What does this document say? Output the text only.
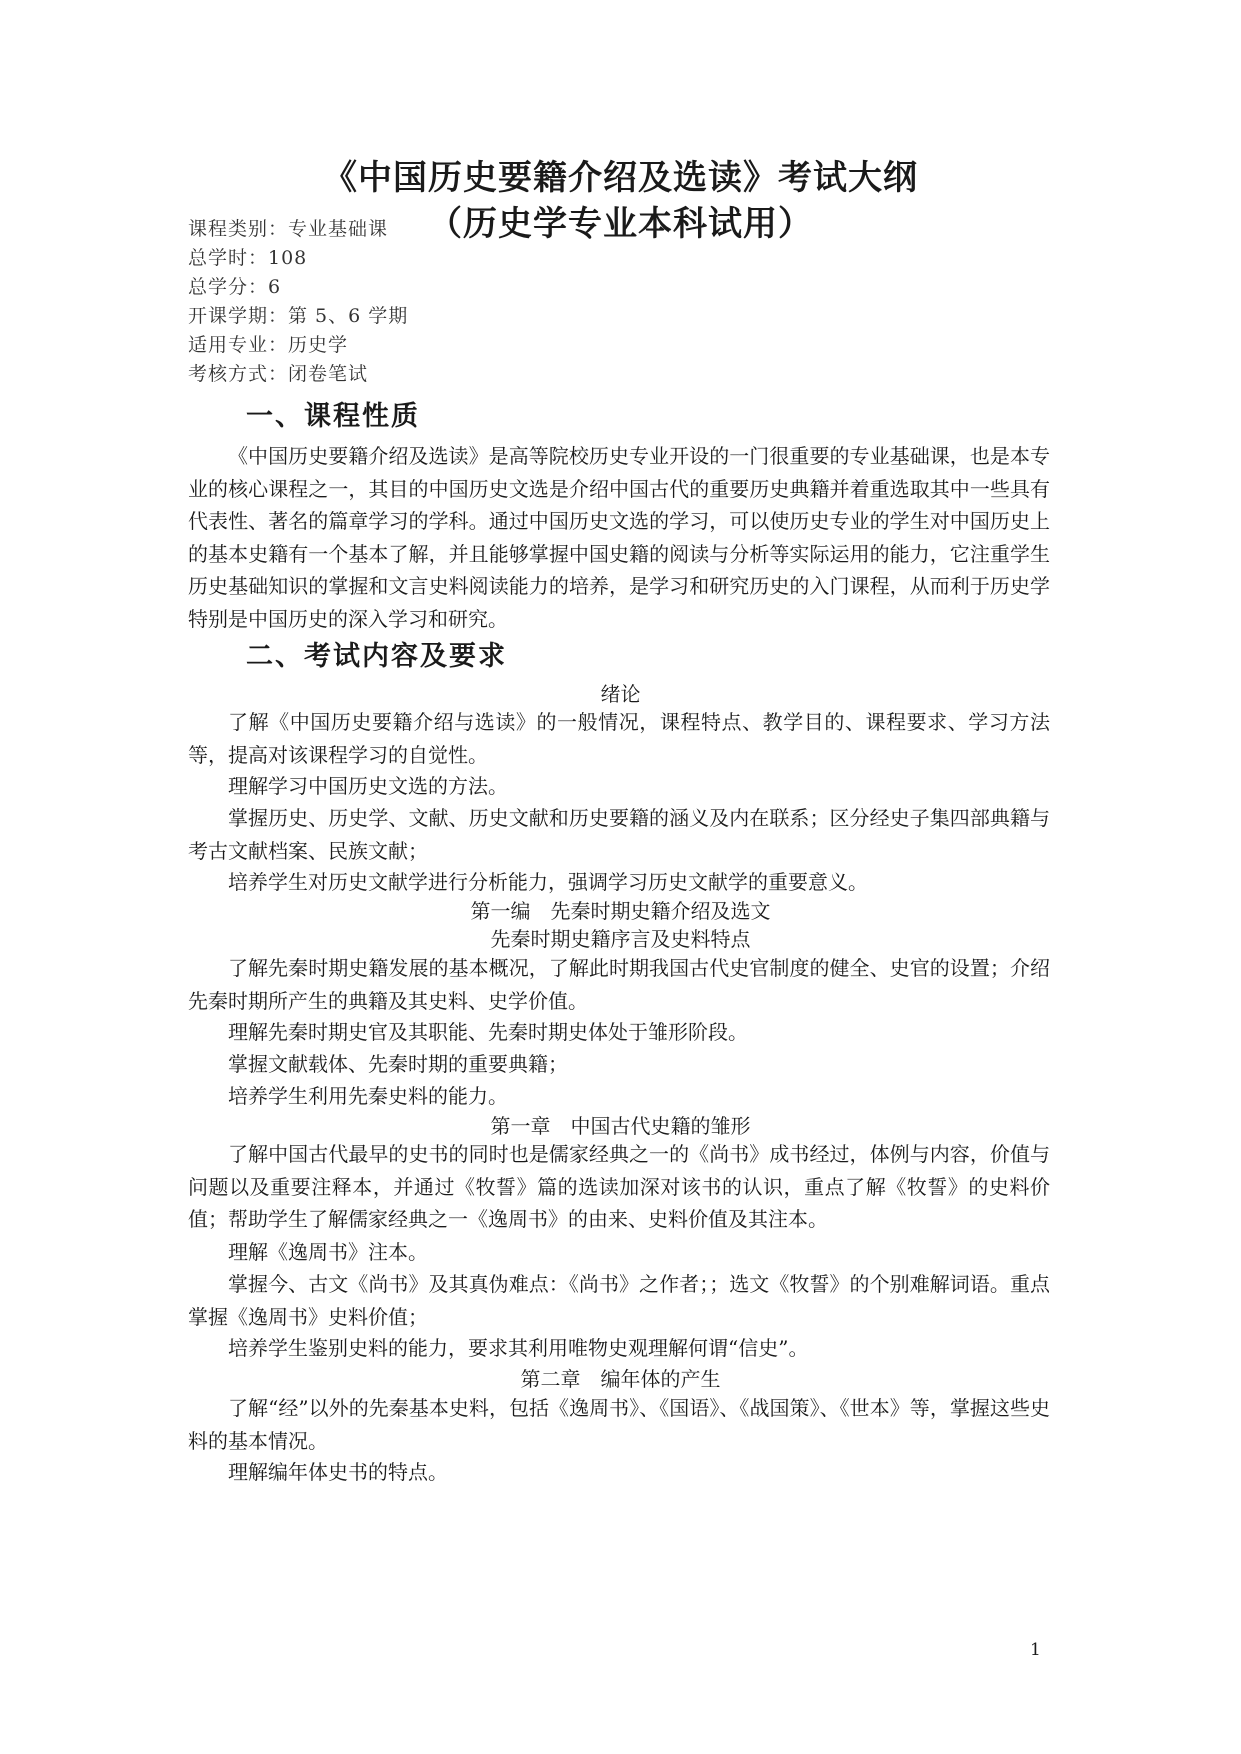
《中国历史要籍介绍及选读》考试大纲
（历史学专业本科试用）
课程类别：专业基础课
总学时：108
总学分：6
开课学期：第 5、6 学期
适用专业：历史学
考核方式：闭卷笔试
一、课程性质

《中国历史要籍介绍及选读》是高等院校历史专业开设的一门很重要的专业基础课，也是本专业的核心课程之一，其目的中国历史文选是介绍中国古代的重要历史典籍并着重选取其中一些具有代表性、著名的篇章学习的学科。通过中国历史文选的学习，可以使历史专业的学生对中国历史上的基本史籍有一个基本了解，并且能够掌握中国史籍的阅读与分析等实际运用的能力，它注重学生历史基础知识的掌握和文言史料阅读能力的培养，是学习和研究历史的入门课程，从而利于历史学特别是中国历史的深入学习和研究。

二、考试内容及要求

绪论

了解《中国历史要籍介绍与选读》的一般情况，课程特点、教学目的、课程要求、学习方法等，提高对该课程学习的自觉性。

理解学习中国历史文选的方法。

掌握历史、历史学、文献、历史文献和历史要籍的涵义及内在联系；区分经史子集四部典籍与考古文献档案、民族文献；

培养学生对历史文献学进行分析能力，强调学习历史文献学的重要意义。

第一编　先秦时期史籍介绍及选文

先秦时期史籍序言及史料特点

了解先秦时期史籍发展的基本概况，了解此时期我国古代史官制度的健全、史官的设置；介绍先秦时期所产生的典籍及其史料、史学价值。

理解先秦时期史官及其职能、先秦时期史体处于雏形阶段。

掌握文献载体、先秦时期的重要典籍；

培养学生利用先秦史料的能力。

第一章　中国古代史籍的雏形

了解中国古代最早的史书的同时也是儒家经典之一的《尚书》成书经过，体例与内容，价值与问题以及重要注释本，并通过《牧誓》篇的选读加深对该书的认识，重点了解《牧誓》的史料价值；帮助学生了解儒家经典之一《逸周书》的由来、史料价值及其注本。

理解《逸周书》注本。

掌握今、古文《尚书》及其真伪难点：《尚书》之作者；；选文《牧誓》的个别难解词语。重点掌握《逸周书》史料价值；

培养学生鉴别史料的能力，要求其利用唯物史观理解何谓“信史”。

第二章　编年体的产生

了解“经”以外的先秦基本史料，包括《逸周书》、《国语》、《战国策》、《世本》等，掌握这些史料的基本情况。

理解编年体史书的特点。

1
